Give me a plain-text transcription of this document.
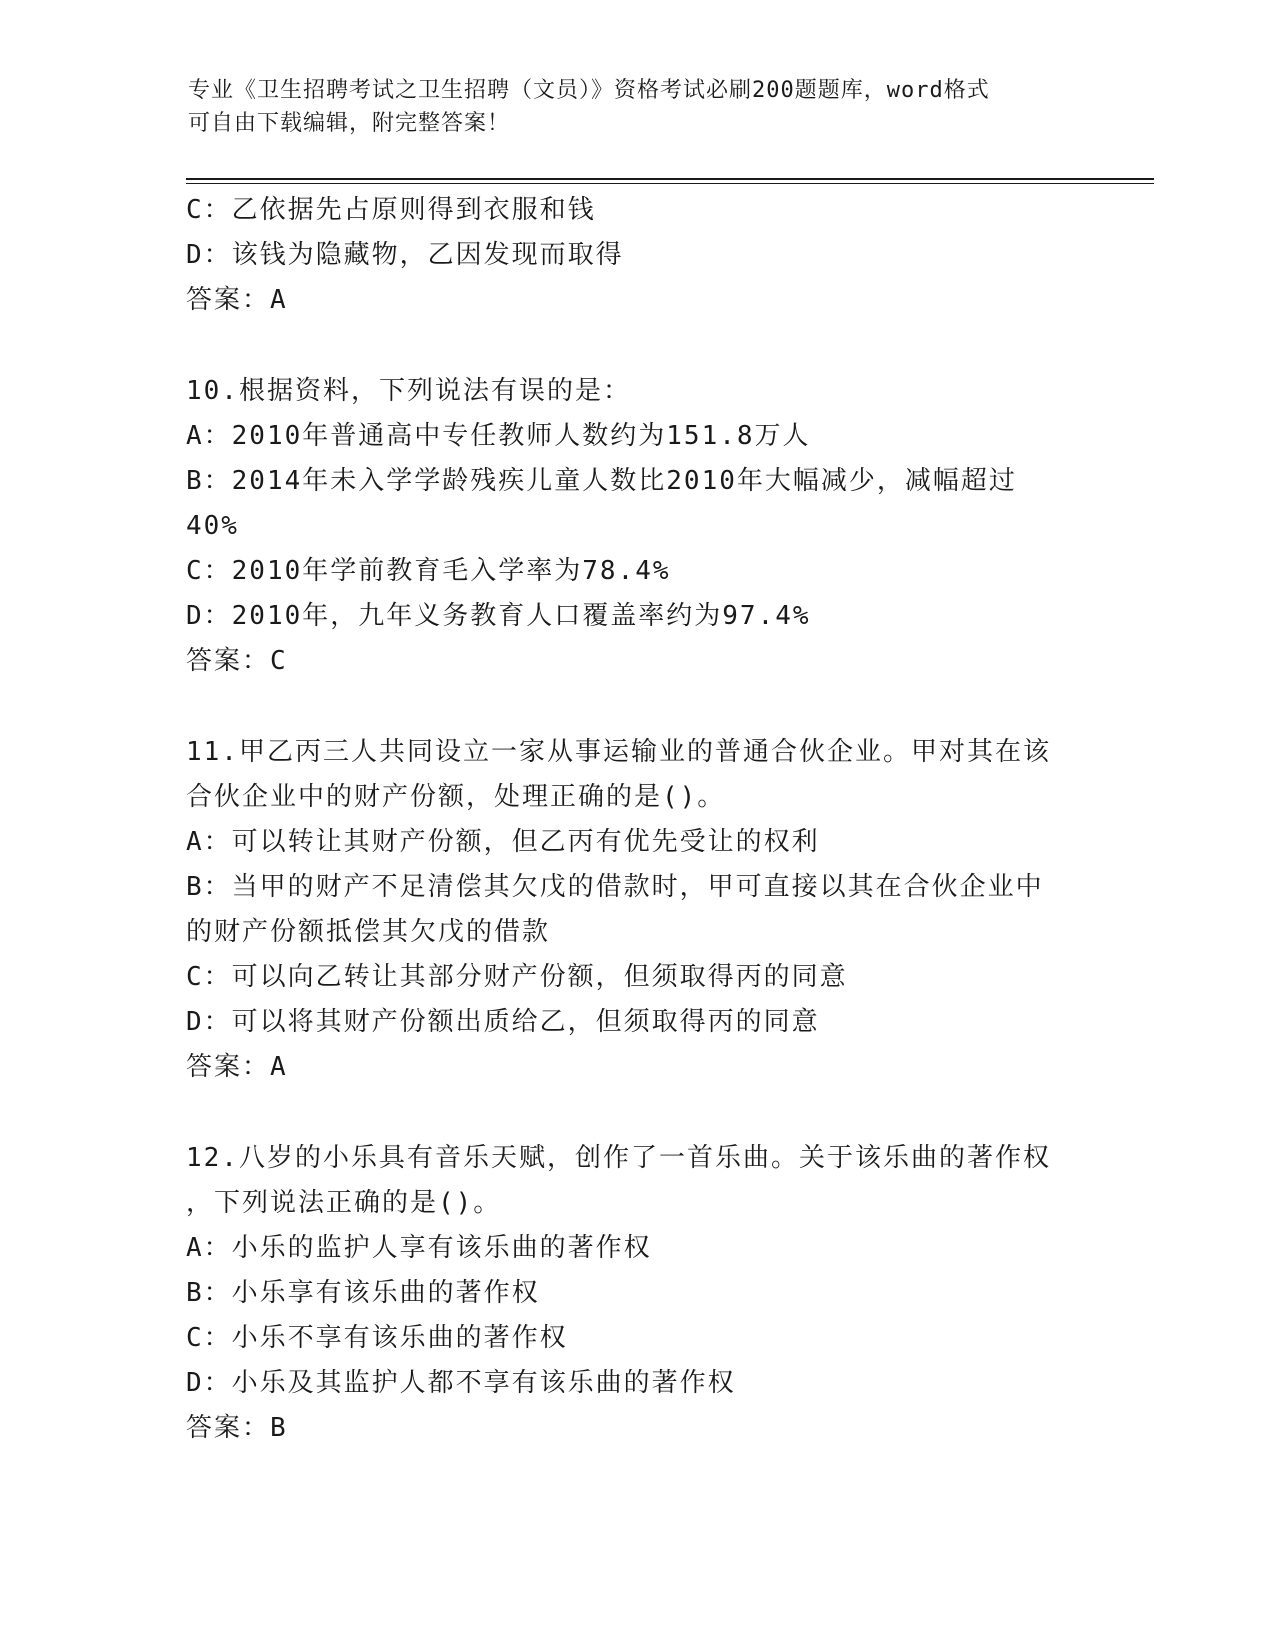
专业《卫生招聘考试之卫生招聘（文员）》资格考试必刷200题题库，word格式
可自由下载编辑，附完整答案！
C：乙依据先占原则得到衣服和钱
D：该钱为隐藏物，乙因发现而取得
答案：A
10.根据资料，下列说法有误的是：
A：2010年普通高中专任教师人数约为151.8万人
B：2014年未入学学龄残疾儿童人数比2010年大幅减少，减幅超过
40%
C：2010年学前教育毛入学率为78.4%
D：2010年，九年义务教育人口覆盖率约为97.4%
答案：C
11.甲乙丙三人共同设立一家从事运输业的普通合伙企业。甲对其在该
合伙企业中的财产份额，处理正确的是()。
A：可以转让其财产份额，但乙丙有优先受让的权利
B：当甲的财产不足清偿其欠戊的借款时，甲可直接以其在合伙企业中
的财产份额抵偿其欠戊的借款
C：可以向乙转让其部分财产份额，但须取得丙的同意
D：可以将其财产份额出质给乙，但须取得丙的同意
答案：A
12.八岁的小乐具有音乐天赋，创作了一首乐曲。关于该乐曲的著作权
，下列说法正确的是()。
A：小乐的监护人享有该乐曲的著作权
B：小乐享有该乐曲的著作权
C：小乐不享有该乐曲的著作权
D：小乐及其监护人都不享有该乐曲的著作权
答案：B
